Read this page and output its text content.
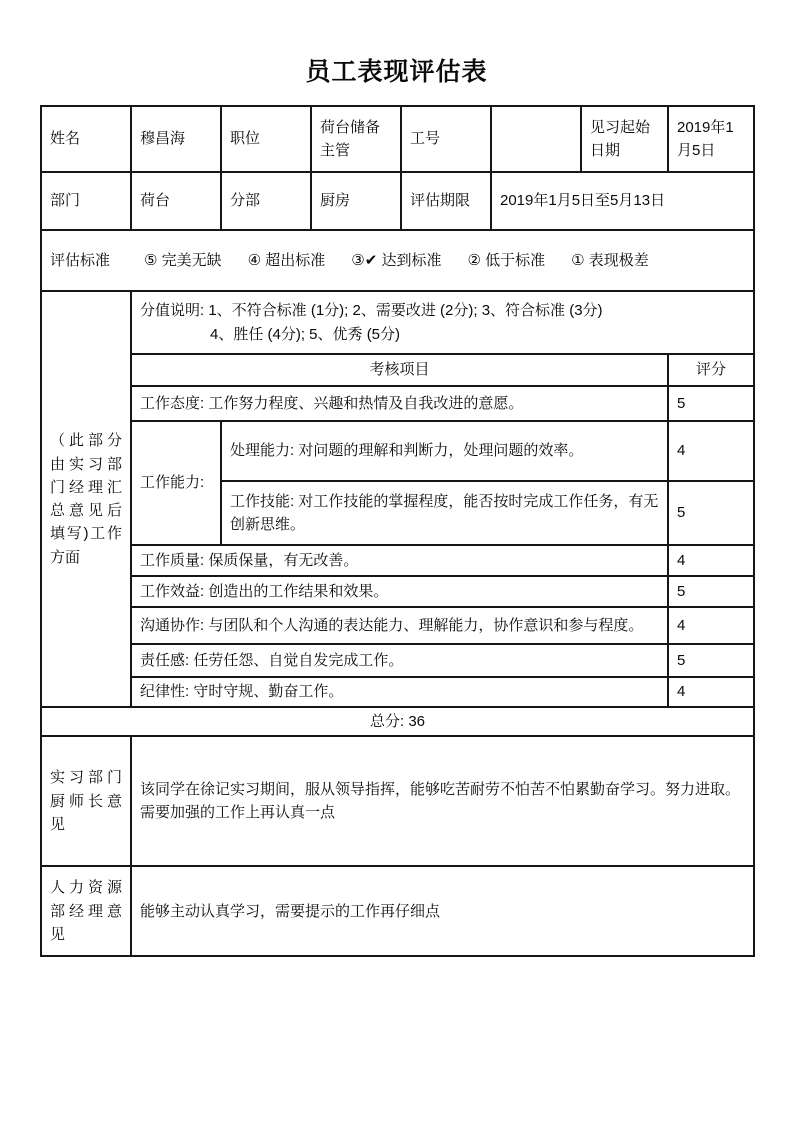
员工表现评估表
姓名	穆昌海	职位	荷台储备主管	工号		见习起始日期	2019年1月5日
部门	荷台	分部	厨房	评估期限	2019年1月5日至5月13日		
评估标准 ⑤ 完美无缺 ④ 超出标准 ③✔ 达到标准 ② 低于标准 ① 表现极差							
（此部分由实习部门经理汇总意见后填写)工作方面	分值说明: 1、不符合标准 (1分); 2、需要改进 (2分); 3、符合标准 (3分)
4、胜任 (4分); 5、优秀 (5分)						

	考核项目						评分
	工作态度: 工作努力程度、兴趣和热情及自我改进的意愿。						5
	工作能力:	处理能力: 对问题的理解和判断力，处理问题的效率。					4
		工作技能: 对工作技能的掌握程度，能否按时完成工作任务，有无创新思维。					5
	工作质量: 保质保量，有无改善。						4
	工作效益: 创造出的工作结果和效果。						5
	沟通协作: 与团队和个人沟通的表达能力、理解能力，协作意识和参与程度。						4
	责任感: 任劳任怨、自觉自发完成工作。						5
	纪律性: 守时守规、勤奋工作。						4
总分: 36							
实习部门厨师长意见	该同学在徐记实习期间，服从领导指挥，能够吃苦耐劳不怕苦不怕累勤奋学习。努力进取。需要加强的工作上再认真一点						
人力资源部经理意见	能够主动认真学习，需要提示的工作再仔细点						
